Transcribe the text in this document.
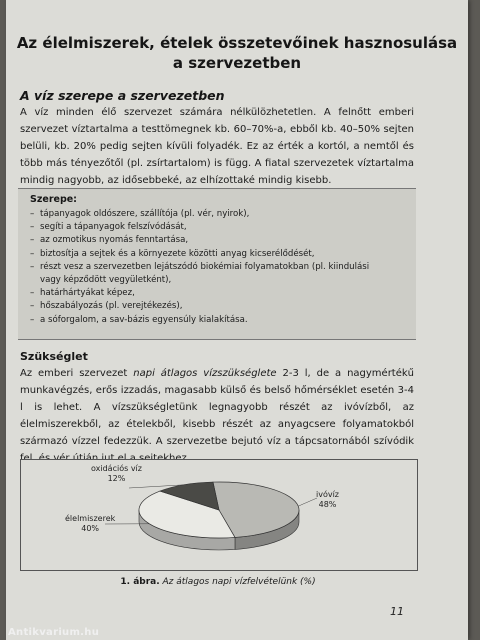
Az élelmiszerek, ételek összetevőinek hasznosulása
a szervezetben
A víz szerepe a szervezetben
A víz minden élő szervezet számára nélkülözhetetlen. A felnőtt emberi szervezet víztartalma a testtömegnek kb. 60–70%-a, ebből kb. 40–50% sejten belüli, kb. 20% pedig sejten kívüli folyadék. Ez az érték a kortól, a nemtől és több más tényezőtől (pl. zsírtartalom) is függ. A fiatal szervezetek víztartalma mindig nagyobb, az idősebbeké, az elhízottaké mindig kisebb.
Szerepe:
– tápanyagok oldószere, szállítója (pl. vér, nyirok),
– segíti a tápanyagok felszívódását,
– az ozmotikus nyomás fenntartása,
– biztosítja a sejtek és a környezete közötti anyag kicserélődését,
– részt vesz a szervezetben lejátszódó biokémiai folyamatokban (pl. kiindulási
vagy képződött vegyületként),
– határhártyákat képez,
– hőszabályozás (pl. verejtékezés),
– a sóforgalom, a sav-bázis egyensúly kialakítása.
Szükséglet
Az emberi szervezet napi átlagos vízszükséglete 2-3 l, de a nagymértékű munkavégzés, erős izzadás, magasabb külső és belső hőmérséklet esetén 3-4 l is lehet. A vízszükségletünk legnagyobb részét az ivóvízből, az élelmiszerekből, az ételekből, kisebb részét az anyagcsere folyamatokból származó vízzel fedezzük. A szervezetbe bejutó víz a tápcsatornából szívódik
oxidációs víz
12%
ivóvíz
48%
élelmiszerek
40%
1. ábra. Az átlagos napi vízfelvételünk (%)
11
Antikvarium.hu
